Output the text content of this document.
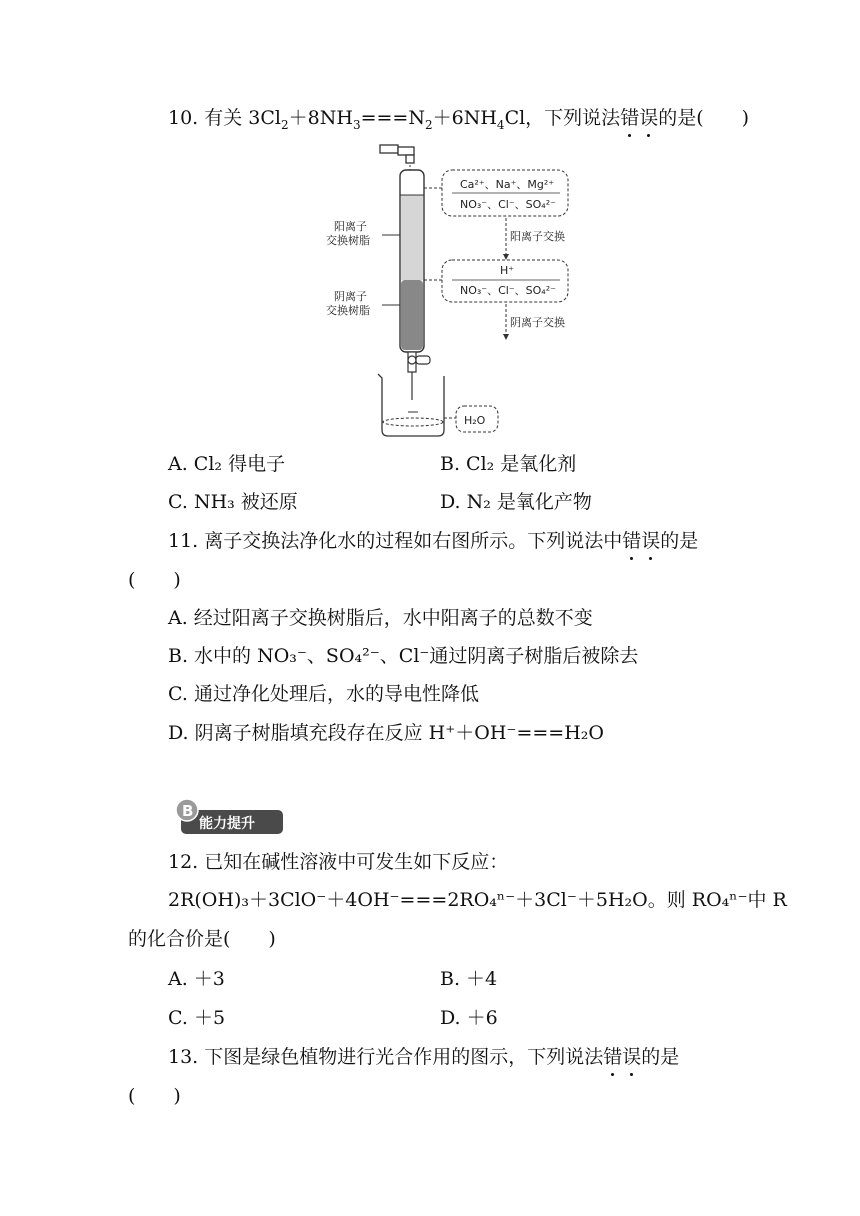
10. 有关 $3Cl_2+8NH_3===N_2+6NH_4Cl$，下列说法错误的是(　　)
阳离子
交换树脂
阴离子
交换树脂
Ca²⁺、Na⁺、Mg²⁺
NO₃⁻、Cl⁻、SO₄²⁻
阳离子交换
H⁺
NO₃⁻、Cl⁻、SO₄²⁻
阴离子交换
H₂O
A. Cl₂ 得电子	B. Cl₂ 是氧化剂
C. NH₃ 被还原	D. N₂ 是氧化产物
11. 离子交换法净化水的过程如右图所示。下列说法中错误的是
(　　)
A. 经过阳离子交换树脂后，水中阳离子的总数不变
B. 水中的 NO₃⁻、SO₄²⁻、Cl⁻通过阴离子树脂后被除去
C. 通过净化处理后，水的导电性降低
D. 阴离子树脂填充段存在反应 H⁺＋OH⁻===H₂O
B
能力提升
12. 已知在碱性溶液中可发生如下反应：
2R(OH)₃＋3ClO⁻＋4OH⁻===2RO₄ⁿ⁻＋3Cl⁻＋5H₂O。则 RO₄ⁿ⁻中 R
的化合价是(　　)
A. ＋3	B. ＋4
C. ＋5	D. ＋6
13. 下图是绿色植物进行光合作用的图示，下列说法错误的是
(　　)
